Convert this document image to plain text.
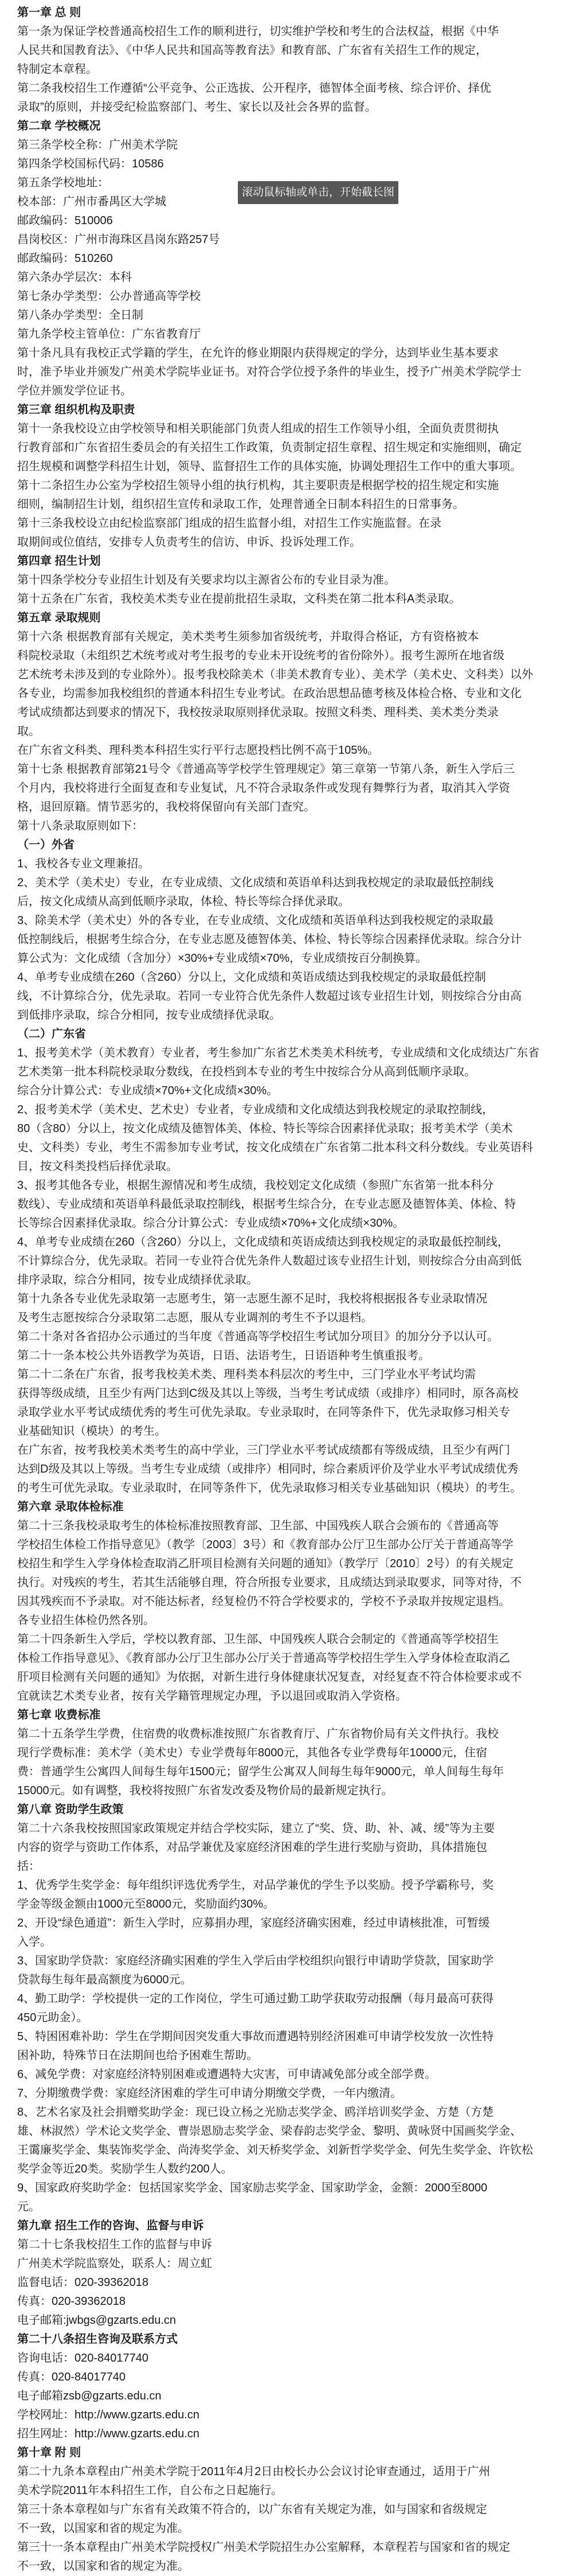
第一章 总 则
第一条为保证学校普通高校招生工作的顺利进行，切实维护学校和考生的合法权益，根据《中华
人民共和国教育法》、《中华人民共和国高等教育法》和教育部、广东省有关招生工作的规定，
特制定本章程。
第二条我校招生工作遵循“公平竞争、公正选拔、公开程序，德智体全面考核、综合评价、择优
录取”的原则，并接受纪检监察部门、考生、家长以及社会各界的监督。
第二章 学校概况
第三条学校全称：广州美术学院
第四条学校国标代码：10586
第五条学校地址：
校本部：广州市番禺区大学城
邮政编码：510006
昌岗校区：广州市海珠区昌岗东路257号
邮政编码：510260
第六条办学层次：本科
第七条办学类型：公办普通高等学校
第八条办学类型：全日制
第九条学校主管单位：广东省教育厅
第十条凡具有我校正式学籍的学生，在允许的修业期限内获得规定的学分，达到毕业生基本要求
时，准予毕业并颁发广州美术学院毕业证书。对符合学位授予条件的毕业生，授予广州美术学院学士
学位并颁发学位证书。
第三章 组织机构及职责
第十一条我校设立由学校领导和相关职能部门负责人组成的招生工作领导小组，全面负责贯彻执
行教育部和广东省招生委员会的有关招生工作政策，负责制定招生章程、招生规定和实施细则，确定
招生规模和调整学科招生计划，领导、监督招生工作的具体实施，协调处理招生工作中的重大事项。
第十二条招生办公室为学校招生领导小组的执行机构，其主要职责是根据学校的招生规定和实施
细则，编制招生计划，组织招生宣传和录取工作，处理普通全日制本科招生的日常事务。
第十三条我校设立由纪检监察部门组成的招生监督小组，对招生工作实施监督。在录
取期间或位值结，安排专人负责考生的信访、申诉、投诉处理工作。
第四章 招生计划
第十四条学校分专业招生计划及有关要求均以主源省公布的专业目录为准。
第十五条在广东省，我校美术类专业在提前批招生录取，文科类在第二批本科A类录取。
第五章 录取规则
第十六条 根据教育部有关规定，美术类考生须参加省级统考，并取得合格证，方有资格被本
科院校录取（未组织艺术统考或对考生报考的专业未开设统考的省份除外）。报考生源所在地省级
艺术统考未涉及到的专业除外）。报考我校除美术（非美术教育专业）、美术学（美术史、文科类）以外
各专业，均需参加我校组织的普通本科招生专业考试。在政治思想品德考核及体检合格、专业和文化
考试成绩都达到要求的情况下，我校按录取原则择优录取。按照文科类、理科类、美术类分类录
取。
在广东省文科类、理科类本科招生实行平行志愿投档比例不高于105%。
第十七条 根据教育部第21号令《普通高等学校学生管理规定》第三章第一节第八条，新生入学后三
个月内，我校将进行全面复查和专业复试，凡不符合录取条件或发现有舞弊行为者，取消其入学资
格，退回原籍。情节恶劣的，我校将保留向有关部门查究。
第十八条录取原则如下：
（一）外省
1、我校各专业文理兼招。
2、美术学（美术史）专业，在专业成绩、文化成绩和英语单科达到我校规定的录取最低控制线
后，按文化成绩从高到低顺序录取，体检、特长等综合择优录取。
3、除美术学（美术史）外的各专业，在专业成绩、文化成绩和英语单科达到我校规定的录取最
低控制线后，根据考生综合分，在专业志愿及德智体美、体检、特长等综合因素择优录取。综合分计
算公式为：文化成绩（含加分）×30%+专业成绩×70%，专业成绩按百分制换算。
4、单考专业成绩在260（含260）分以上，文化成绩和英语成绩达到我校规定的录取最低控制
线，不计算综合分，优先录取。若同一专业符合优先条件人数超过该专业招生计划，则按综合分由高
到低排序录取，综合分相同，按专业成绩择优录取。
（二）广东省
1、报考美术学（美术教育）专业者，考生参加广东省艺术类美术科统考，专业成绩和文化成绩达广东省
艺术类第一批本科院校录取分数线，在投档到本专业的考生中按综合分从高到低顺序录取。
综合分计算公式：专业成绩×70%+文化成绩×30%。
2、报考美术学（美术史、艺术史）专业者，专业成绩和文化成绩达到我校规定的录取控制线，
80（含80）分以上，按文化成绩及德智体美、体检、特长等综合因素择优录取；报考美术学（美术
史、文科类）专业，考生不需参加专业考试，按文化成绩在广东省第二批本科文科分数线。专业英语科
目，按文科类投档后择优录取。
3、报考其他各专业，根据生源情况和考生成绩，我校划定文化成绩（参照广东省第一批本科分
数线）、专业成绩和英语单科最低录取控制线，根据考生综合分，在专业志愿及德智体美、体检、特
长等综合因素择优录取。综合分计算公式：专业成绩×70%+文化成绩×30%。
4、单考专业成绩在260（含260）分以上，文化成绩和英语成绩达到我校规定的录取最低控制线，
不计算综合分，优先录取。若同一专业符合优先条件人数超过该专业招生计划，则按综合分由高到低
排序录取，综合分相同，按专业成绩择优录取。
第十九条各专业优先录取第一志愿考生，第一志愿生源不足时，我校将根据报各专业录取情况
及考生志愿按综合分录取第二志愿，服从专业调剂的考生不予以退档。
第二十条对各省招办公示通过的当年度《普通高等学校招生考试加分项目》的加分分予以认可。
第二十一条本校公共外语教学为英语，日语、法语考生，日语语种考生慎重报考。
第二十二条在广东省，报考我校美术类、理科类本科层次的考生中，三门学业水平考试均需
获得等级成绩，且至少有两门达到C级及其以上等级，当考生考试成绩（或排序）相同时，原各高校
录取学业水平考试成绩优秀的考生可优先录取。专业录取时，在同等条件下，优先录取修习相关专
业基础知识（模块）的考生。
在广东省，按考我校美术类考生的高中学业，三门学业水平考试成绩都有等级成绩，且至少有两门
达到D级及其以上等级。当考生专业成绩（或排序）相同时，综合素质评价及学业水平考试成绩优秀
的考生可优先录取。专业录取时，在同等条件下，优先录取修习相关专业基础知识（模块）的考生。
第六章 录取体检标准
第二十三条我校录取考生的体检标准按照教育部、卫生部、中国残疾人联合会颁布的《普通高等
学校招生体检工作指导意见》（教学〔2003〕3号）和《教育部办公厅卫生部办公厅关于普通高等学
校招生和学生入学身体检查取消乙肝项目检测有关问题的通知》（教学厅〔2010〕2号）的有关规定
执行。对残疾的考生，若其生活能够自理，符合所报专业要求，且成绩达到录取要求，同等对待，不
因其残疾而不予录取。对不能达标者，经复检仍不符合学校要求的，学校不予录取并按规定退档。
各专业招生体检仍然各别。
第二十四条新生入学后，学校以教育部、卫生部、中国残疾人联合会制定的《普通高等学校招生
体检工作指导意见》、《教育部办公厅卫生部办公厅关于普通高等学校招生学生入学身体检查取消乙
肝项目检测有关问题的通知》为依据，对新生进行身体健康状况复查，对经复查不符合体检要求或不
宜就读艺术类专业者，按有关学籍管理规定办理，予以退回或取消入学资格。
第七章 收费标准
第二十五条学生学费，住宿费的收费标准按照广东省教育厅、广东省物价局有关文件执行。我校
现行学费标准：美术学（美术史）专业学费每年8000元，其他各专业学费每年10000元，住宿
费：普通学生公寓四人间每生每年1500元；留学生公寓双人间每生每年9000元，单人间每生每年
15000元。如有调整，我校将按照广东省发改委及物价局的最新规定执行。
第八章 资助学生政策
第二十六条我校按照国家政策规定并结合学校实际，建立了“奖、贷、助、补、减、缓”等为主要
内容的资学与资助工作体系，对品学兼优及家庭经济困难的学生进行奖励与资助，具体措施包
括：
1、优秀学生奖学金：每年组织评选优秀学生，对品学兼优的学生予以奖励。授予学霸称号，奖
学金等级金额由1000元至8000元，奖励面约30%。
2、开设“绿色通道”：新生入学时，应募捐办理，家庭经济确实困难，经过申请核批准，可暂缓
入学。
3、国家助学贷款：家庭经济确实困难的学生入学后由学校组织向银行申请助学贷款，国家助学
贷款每生每年最高额度为6000元。
4、勤工助学：学校提供一定的工作岗位，学生可通过勤工助学获取劳动报酬（每月最高可获得
450元助金）。
5、特困困难补助：学生在学期间因突发重大事故而遭遇特别经济困难可申请学校发放一次性特
困补助，特殊节日在法期间也给予困难生帮助。
6、减免学费：对家庭经济特别困难或遭遇特大灾害，可申请减免部分或全部学费。
7、分期缴费学费：家庭经济困难的学生可申请分期缴交学费，一年内缴清。
8、艺术名家及社会捐赠奖助学金：现已设立杨之光励志奖学金、鸥洋培训奖学金、方楚（方楚
雄、林淑然）学术论文奖学金、曹崇恩励志奖学金、梁春韵志奖学金、黎明、黄咏贤中国画奖学金、
王霭廉奖学金、集装饰奖学金、尚涛奖学金、刘天桥奖学金、刘新哲学奖学金、何先生奖学金、许钦松
奖学金等近20类。奖励学生人数约200人。
9、国家政府奖助学金：包括国家奖学金、国家励志奖学金、国家助学金，金额：2000至8000
元。
第九章 招生工作的咨询、监督与申诉
第二十七条我校招生工作的监督与申诉
广州美术学院监察处，联系人：周立虹
监督电话：020-39362018
传真：020-39362018
电子邮箱:jwbgs@gzarts.edu.cn
第二十八条招生咨询及联系方式
咨询电话：020-84017740
传真：020-84017740
电子邮箱zsb@gzarts.edu.cn
学校网址：http://www.gzarts.edu.cn
招生网址：http://www.gzarts.edu.cn
第十章 附 则
第二十九条本章程由广州美术学院于2011年4月2日由校长办公会议讨论审查通过，适用于广州
美术学院2011年本科招生工作，自公布之日起施行。
第三十条本章程如与广东省有关政策不符合的，以广东省有关规定为准，如与国家和省级规定
不一致，以国家和省的规定为准。
第三十一条本章程由广州美术学院授权广州美术学院招生办公室解释，本章程若与国家和省的规定
不一致，以国家和省的规定为准。
滚动鼠标轴或单击，开始截长图
